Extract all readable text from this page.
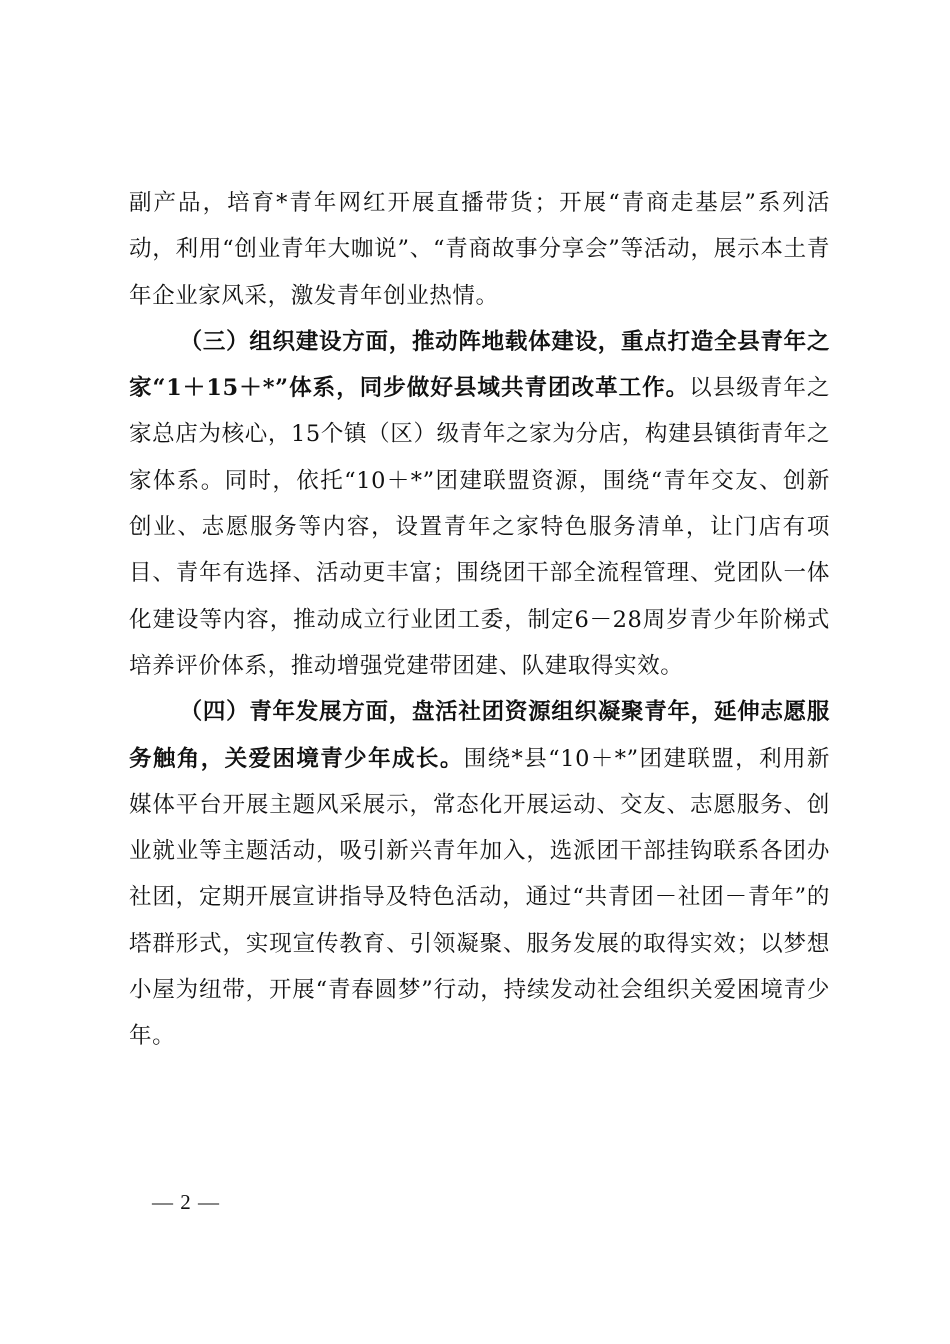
副产品，培育*青年网红开展直播带货；开展“青商走基层”系列活动，利用“创业青年大咖说”、“青商故事分享会”等活动，展示本土青年企业家风采，激发青年创业热情。

（三）组织建设方面，推动阵地载体建设，重点打造全县青年之家“1＋15＋*”体系，同步做好县域共青团改革工作。以县级青年之家总店为核心，15个镇（区）级青年之家为分店，构建县镇街青年之家体系。同时，依托“10＋*”团建联盟资源，围绕“青年交友、创新创业、志愿服务等内容，设置青年之家特色服务清单，让门店有项目、青年有选择、活动更丰富；围绕团干部全流程管理、党团队一体化建设等内容，推动成立行业团工委，制定6－28周岁青少年阶梯式培养评价体系，推动增强党建带团建、队建取得实效。

（四）青年发展方面，盘活社团资源组织凝聚青年，延伸志愿服务触角，关爱困境青少年成长。围绕*县“10＋*”团建联盟，利用新媒体平台开展主题风采展示，常态化开展运动、交友、志愿服务、创业就业等主题活动，吸引新兴青年加入，选派团干部挂钩联系各团办社团，定期开展宣讲指导及特色活动，通过“共青团－社团－青年”的塔群形式，实现宣传教育、引领凝聚、服务发展的取得实效；以梦想小屋为纽带，开展“青春圆梦”行动，持续发动社会组织关爱困境青少年。

— 2 —
